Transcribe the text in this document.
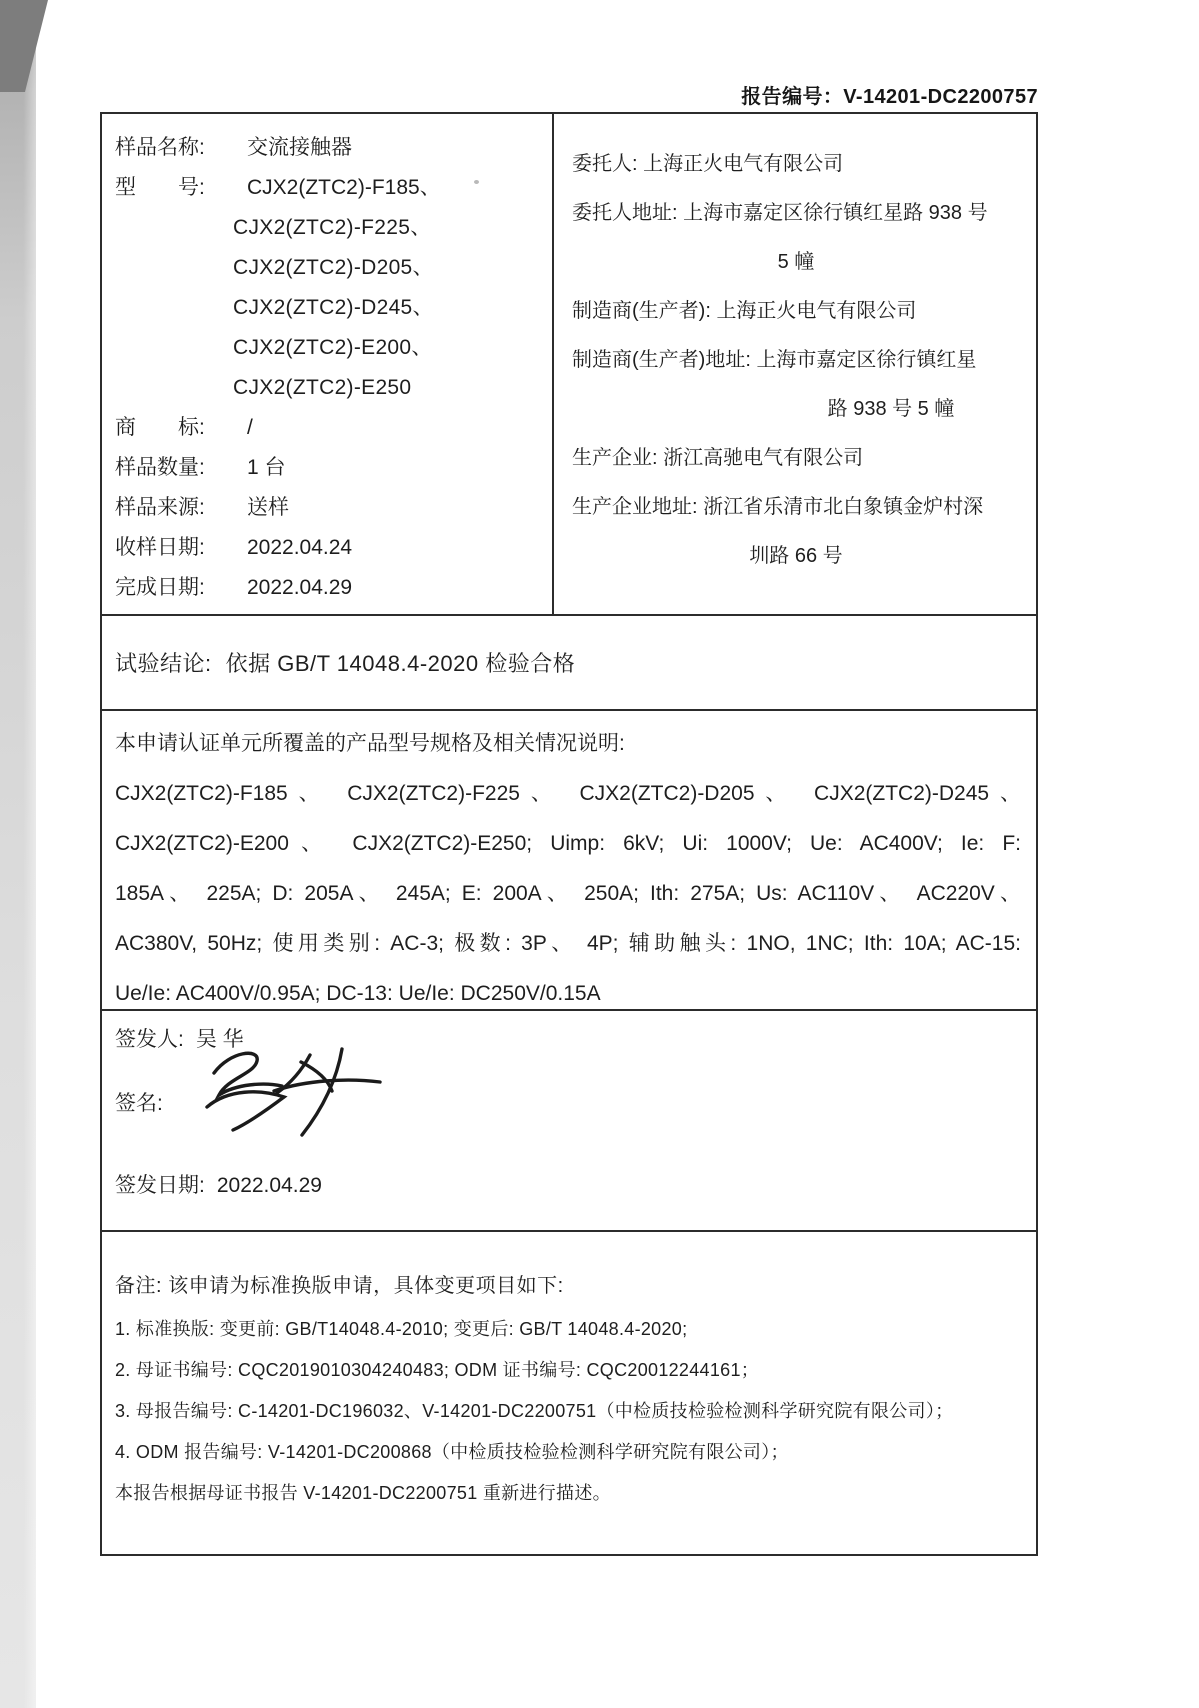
报告编号：V-14201-DC2200757
样品名称:	交流接触器
型　　号:	CJX2(ZTC2)-F185、
CJX2(ZTC2)-F225、
CJX2(ZTC2)-D205、
CJX2(ZTC2)-D245、
CJX2(ZTC2)-E200、
CJX2(ZTC2)-E250
商　　标:	/
样品数量:	1 台
样品来源:	送样
收样日期:	2022.04.24
完成日期:	2022.04.29
委托人: 上海正火电气有限公司
委托人地址: 上海市嘉定区徐行镇红星路 938 号
5 幢
制造商(生产者): 上海正火电气有限公司
制造商(生产者)地址: 上海市嘉定区徐行镇红星
路 938 号 5 幢
生产企业: 浙江高驰电气有限公司
生产企业地址: 浙江省乐清市北白象镇金炉村深
圳路 66 号
试验结论: 依据 GB/T 14048.4-2020 检验合格
本申请认证单元所覆盖的产品型号规格及相关情况说明:
CJX2(ZTC2)-F185、 CJX2(ZTC2)-F225、 CJX2(ZTC2)-D205、 CJX2(ZTC2)-D245、
CJX2(ZTC2)-E200、 CJX2(ZTC2)-E250; Uimp: 6kV; Ui: 1000V; Ue: AC400V; Ie: F:
185A、 225A; D: 205A、 245A; E: 200A、 250A; Ith: 275A; Us: AC110V、 AC220V、
AC380V, 50Hz; 使用类别: AC-3; 极数: 3P、 4P; 辅助触头: 1NO, 1NC; Ith: 10A; AC-15:
Ue/Ie: AC400V/0.95A; DC-13: Ue/Ie: DC250V/0.15A
签发人: 吴 华
签名:
签发日期: 2022.04.29
备注: 该申请为标准换版申请，具体变更项目如下:
1. 标准换版: 变更前: GB/T14048.4-2010; 变更后: GB/T 14048.4-2020;
2. 母证书编号: CQC2019010304240483; ODM 证书编号: CQC20012244161；
3. 母报告编号: C-14201-DC196032、V-14201-DC2200751（中检质技检验检测科学研究院有限公司）；
4. ODM 报告编号: V-14201-DC200868（中检质技检验检测科学研究院有限公司）；
本报告根据母证书报告 V-14201-DC2200751 重新进行描述。
